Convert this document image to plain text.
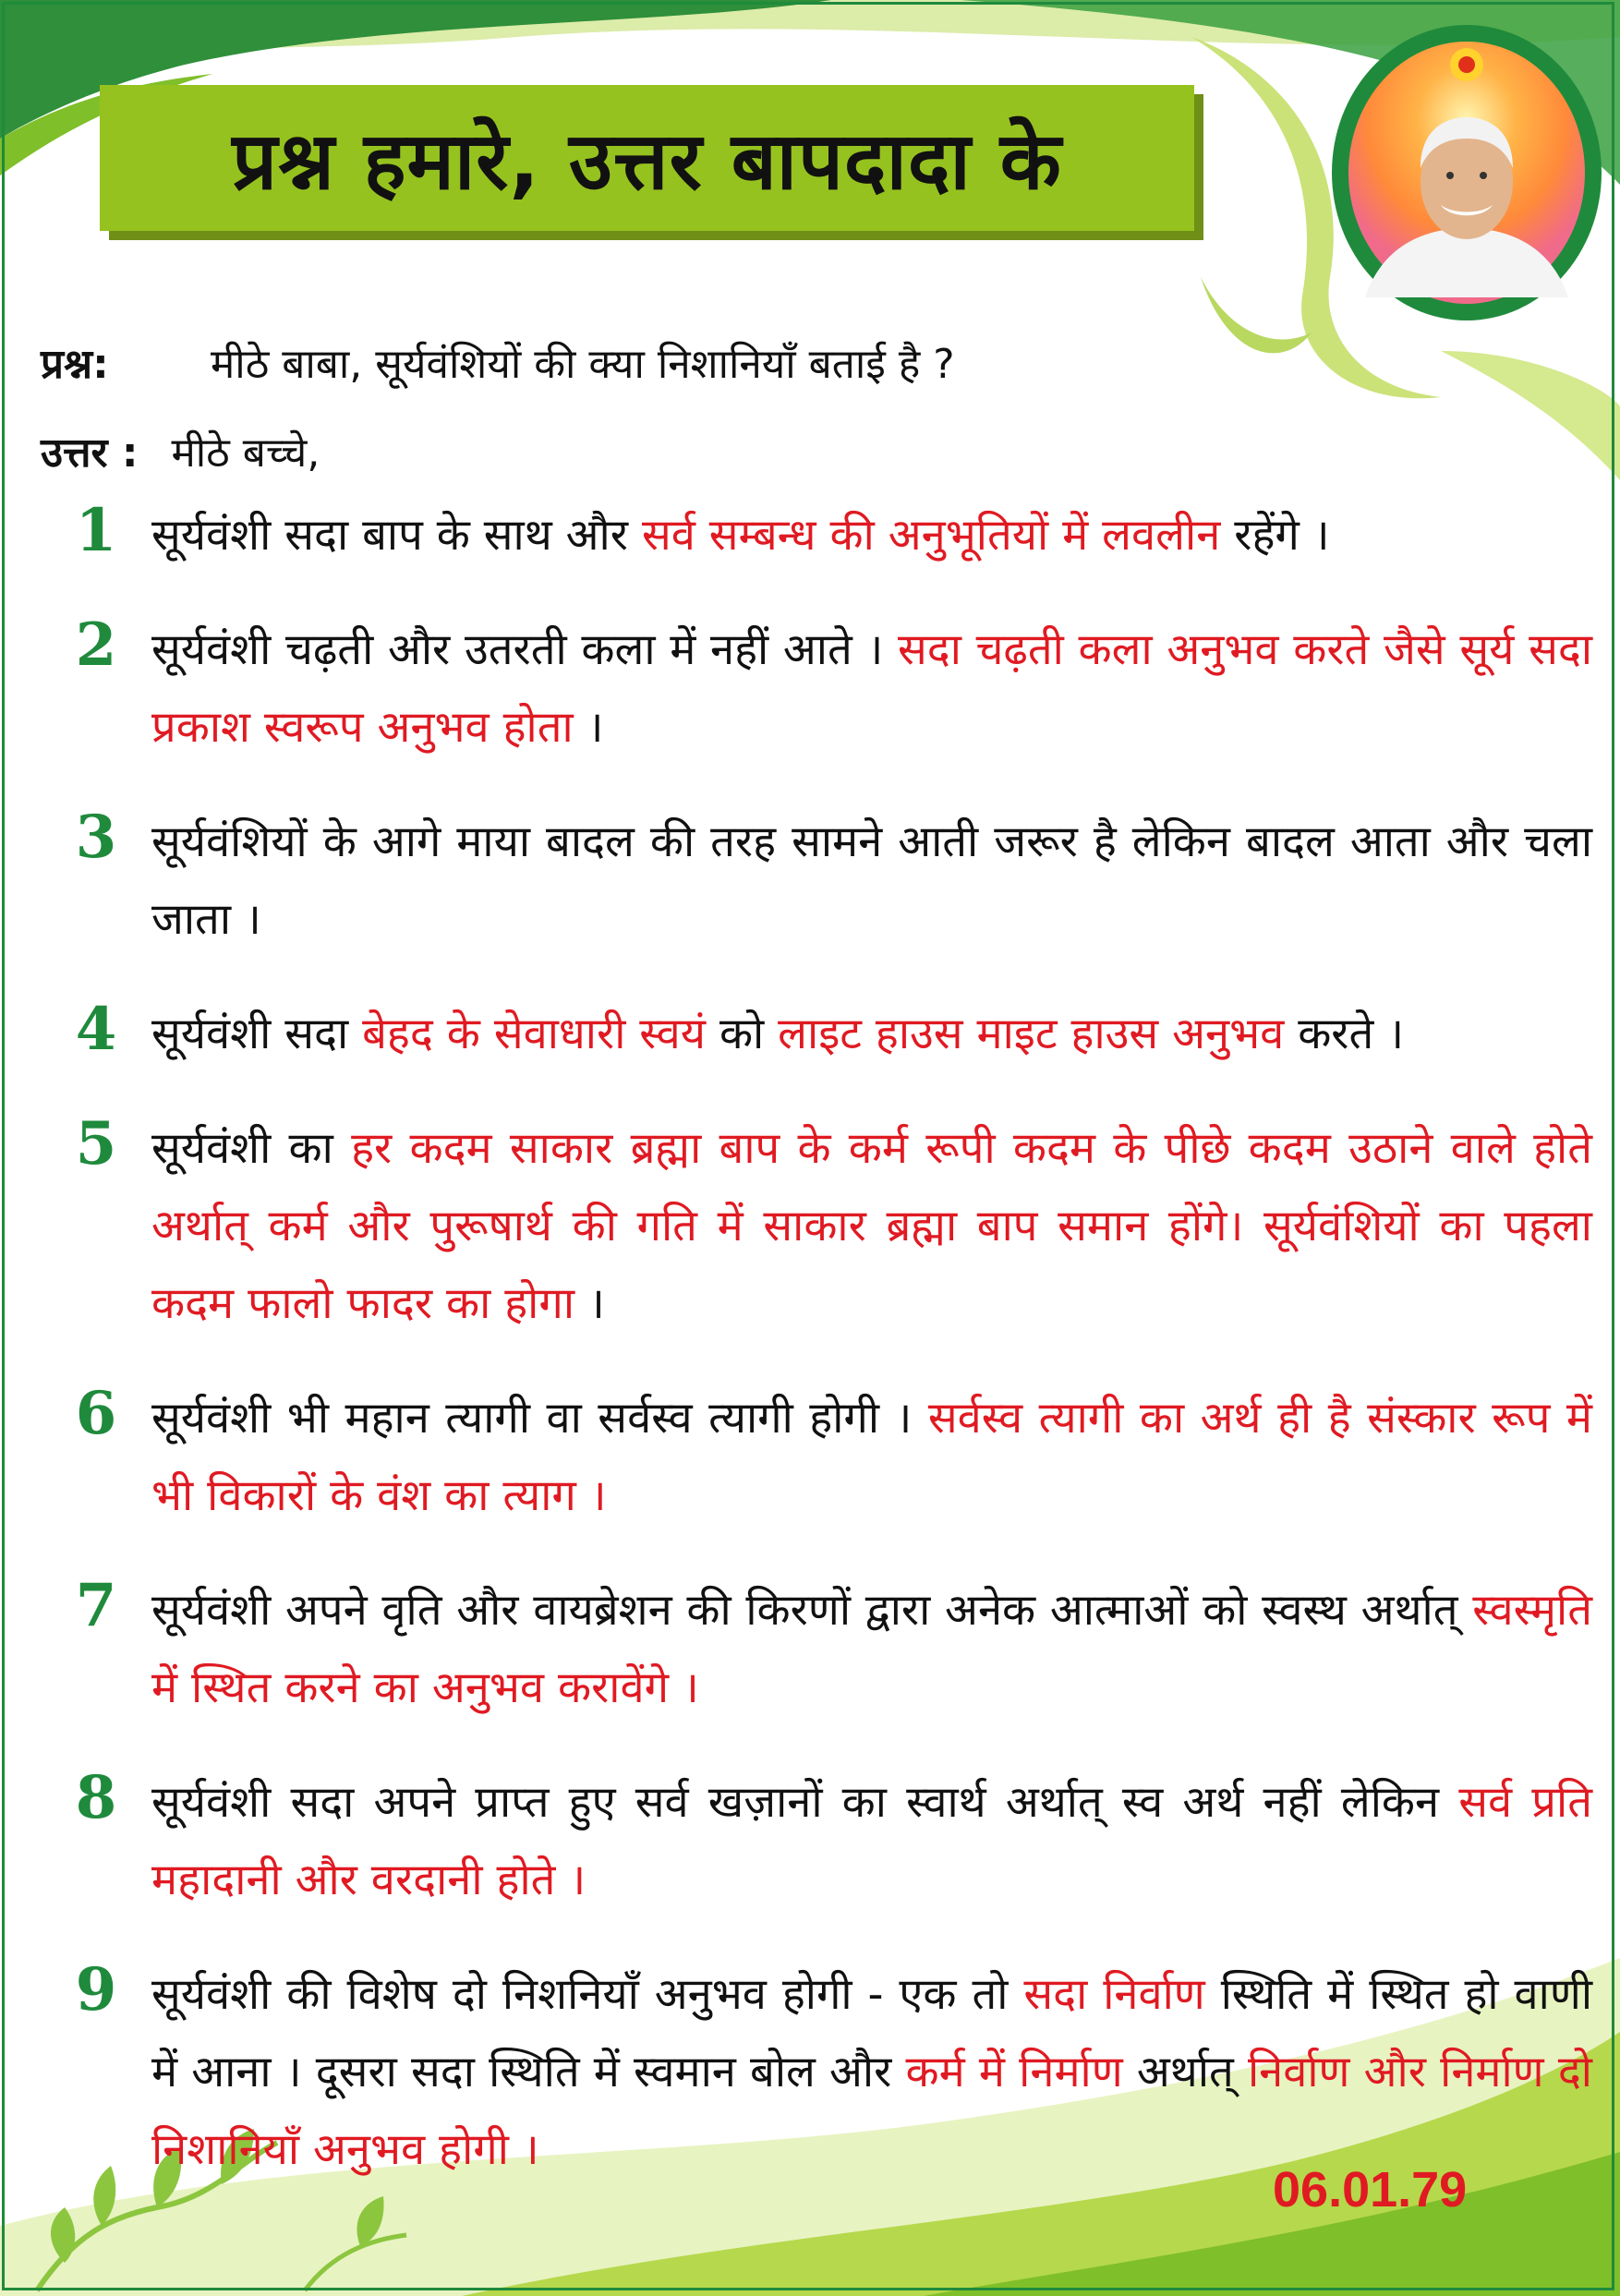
प्रश्न हमारे, उत्तर बापदादा के
प्रश्न:	मीठे बाबा, सूर्यवंशियों की क्या निशानियाँ बताई है ?
उत्तर : मीठे बच्चे,
1 सूर्यवंशी सदा बाप के साथ और सर्व सम्बन्ध की अनुभूतियों में लवलीन रहेंगे ।
2 सूर्यवंशी चढ़ती और उतरती कला में नहीं आते । सदा चढ़ती कला अनुभव करते जैसे सूर्य सदा प्रकाश स्वरूप अनुभव होता ।
3 सूर्यवंशियों के आगे माया बादल की तरह सामने आती जरूर है लेकिन बादल आता और चला जाता ।
4 सूर्यवंशी सदा बेहद के सेवाधारी स्वयं को लाइट हाउस माइट हाउस अनुभव करते ।
5 सूर्यवंशी का हर कदम साकार ब्रह्मा बाप के कर्म रूपी कदम के पीछे कदम उठाने वाले होते अर्थात् कर्म और पुरूषार्थ की गति में साकार ब्रह्मा बाप समान होंगे। सूर्यवंशियों का पहला कदम फालो फादर का होगा ।
6 सूर्यवंशी भी महान त्यागी वा सर्वस्व त्यागी होगी । सर्वस्व त्यागी का अर्थ ही है संस्कार रूप में भी विकारों के वंश का त्याग ।
7 सूर्यवंशी अपने वृति और वायब्रेशन की किरणों द्वारा अनेक आत्माओं को स्वस्थ अर्थात् स्वस्मृति में स्थित करने का अनुभव करावेंगे ।
8 सूर्यवंशी सदा अपने प्राप्त हुए सर्व खज़ानों का स्वार्थ अर्थात् स्व अर्थ नहीं लेकिन सर्व प्रति महादानी और वरदानी होते ।
9 सूर्यवंशी की विशेष दो निशनियाँ अनुभव होगी - एक तो सदा निर्वाण स्थिति में स्थित हो वाणी में आना । दूसरा सदा स्थिति में स्वमान बोल और कर्म में निर्माण अर्थात् निर्वाण और निर्माण दो निशानियाँ अनुभव होगी ।
06.01.79
